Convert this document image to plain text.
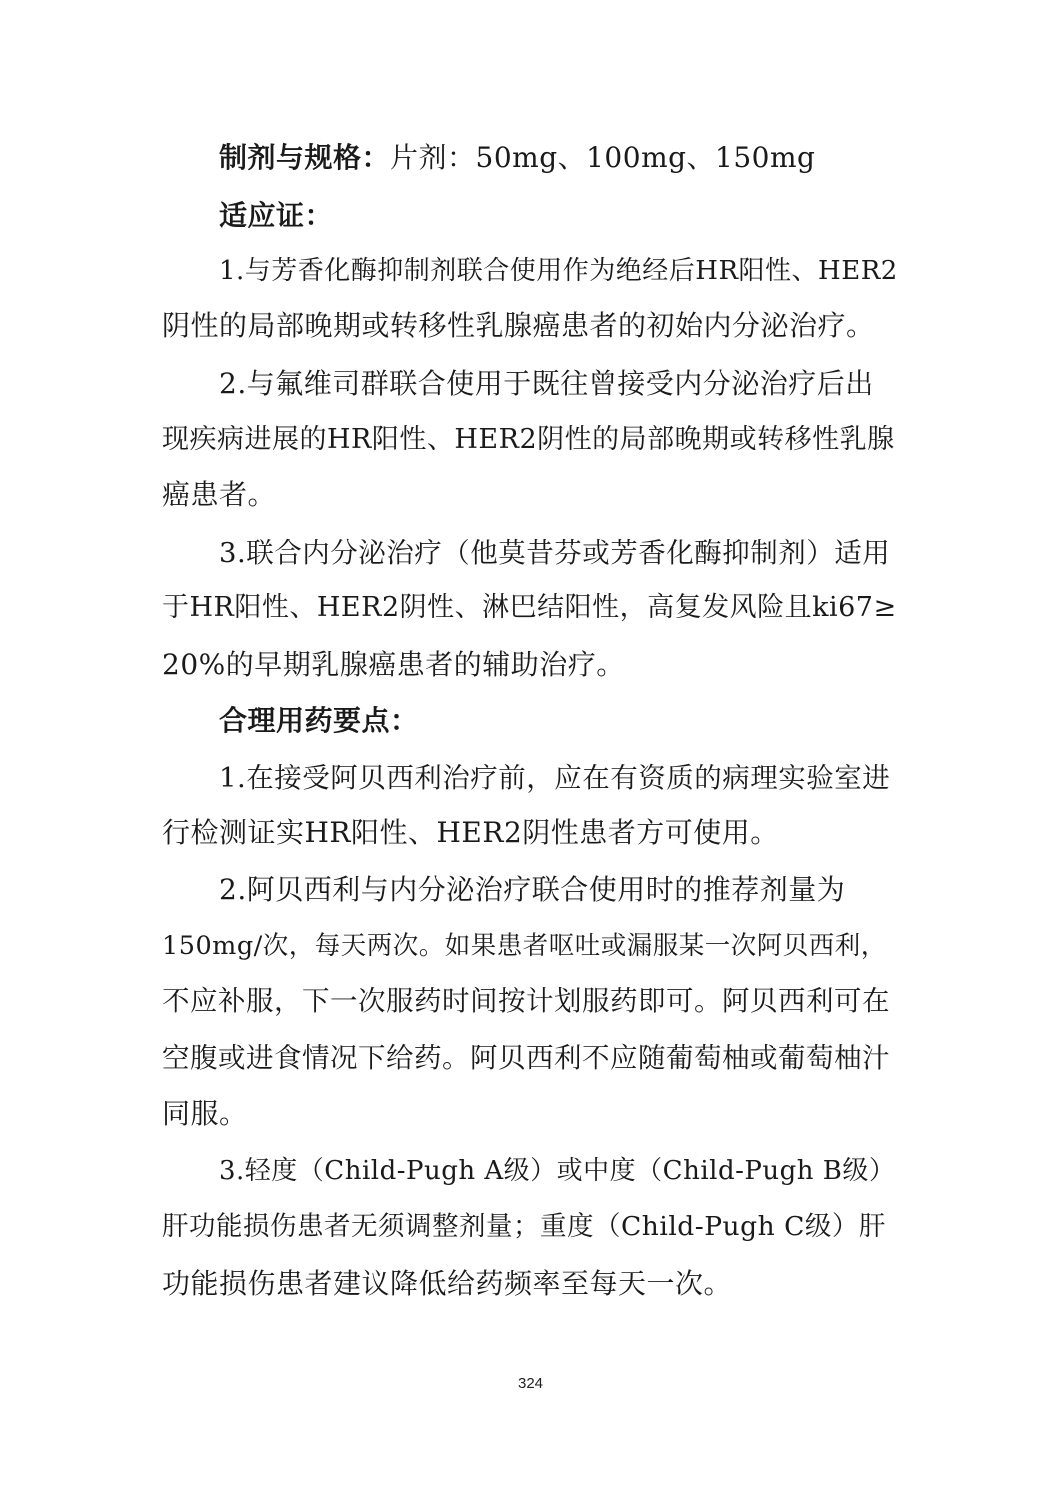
制剂与规格：片剂：50mg、100mg、150mg
适应证：
1.与芳香化酶抑制剂联合使用作为绝经后HR阳性、HER2
阴性的局部晚期或转移性乳腺癌患者的初始内分泌治疗。
2.与氟维司群联合使用于既往曾接受内分泌治疗后出
现疾病进展的HR阳性、HER2阴性的局部晚期或转移性乳腺
癌患者。
3.联合内分泌治疗（他莫昔芬或芳香化酶抑制剂）适用
于HR阳性、HER2阴性、淋巴结阳性，高复发风险且ki67≥
20%的早期乳腺癌患者的辅助治疗。
合理用药要点：
1.在接受阿贝西利治疗前，应在有资质的病理实验室进
行检测证实HR阳性、HER2阴性患者方可使用。
2.阿贝西利与内分泌治疗联合使用时的推荐剂量为
150mg/次，每天两次。如果患者呕吐或漏服某一次阿贝西利，
不应补服，下一次服药时间按计划服药即可。阿贝西利可在
空腹或进食情况下给药。阿贝西利不应随葡萄柚或葡萄柚汁
同服。
3.轻度（Child-Pugh A级）或中度（Child-Pugh B级）
肝功能损伤患者无须调整剂量；重度（Child-Pugh C级）肝
功能损伤患者建议降低给药频率至每天一次。
324
